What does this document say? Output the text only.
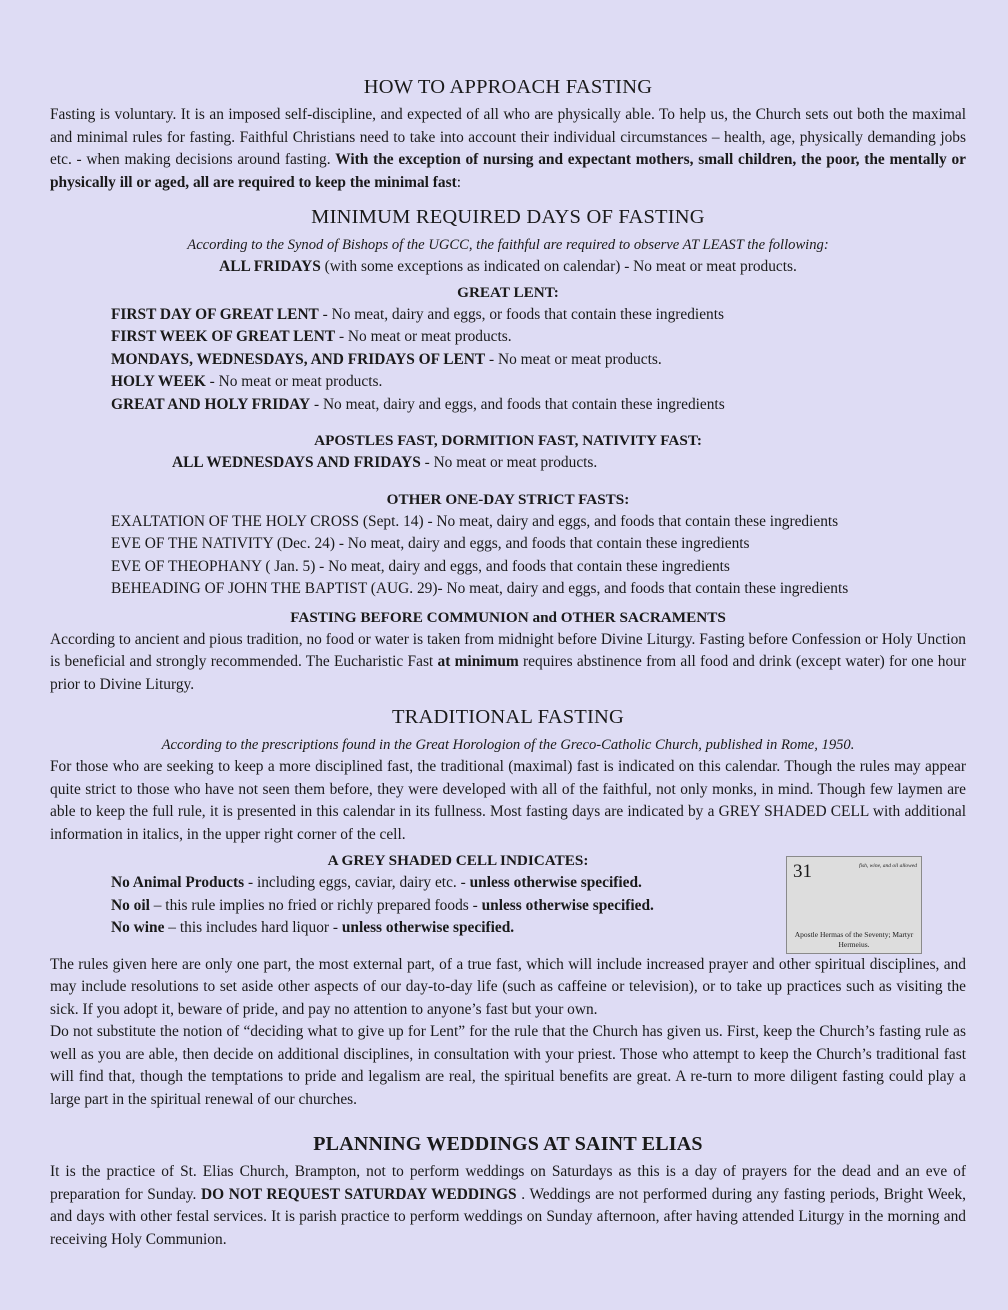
HOW TO APPROACH FASTING

Fasting is voluntary. It is an imposed self-discipline, and expected of all who are physically able. To help us, the Church sets out both the maximal and minimal rules for fasting. Faithful Christians need to take into account their individual circumstances – health, age, physically demanding jobs etc. - when making decisions around fasting. With the exception of nursing and expectant mothers, small children, the poor, the mentally or physically ill or aged, all are required to keep the minimal fast:

MINIMUM REQUIRED DAYS OF FASTING

According to the Synod of Bishops of the UGCC, the faithful are required to observe AT LEAST the following:

ALL FRIDAYS (with some exceptions as indicated on calendar) - No meat or meat products.

GREAT LENT:

FIRST DAY OF GREAT LENT - No meat, dairy and eggs, or foods that contain these ingredients

FIRST WEEK OF GREAT LENT - No meat or meat products.

MONDAYS, WEDNESDAYS, AND FRIDAYS OF LENT - No meat or meat products.

HOLY WEEK - No meat or meat products.

GREAT AND HOLY FRIDAY - No meat, dairy and eggs, and foods that contain these ingredients

APOSTLES FAST, DORMITION FAST, NATIVITY FAST:

ALL WEDNESDAYS AND FRIDAYS - No meat or meat products.

OTHER ONE-DAY STRICT FASTS:

EXALTATION OF THE HOLY CROSS (Sept. 14) - No meat, dairy and eggs, and foods that contain these ingredients

EVE OF THE NATIVITY (Dec. 24) - No meat, dairy and eggs, and foods that contain these ingredients

EVE OF THEOPHANY ( Jan. 5) - No meat, dairy and eggs, and foods that contain these ingredients

BEHEADING OF JOHN THE BAPTIST (AUG. 29)- No meat, dairy and eggs, and foods that contain these ingredients

FASTING BEFORE COMMUNION and OTHER SACRAMENTS

According to ancient and pious tradition, no food or water is taken from midnight before Divine Liturgy. Fasting before Confession or Holy Unction is beneficial and strongly recommended. The Eucharistic Fast at minimum requires abstinence from all food and drink (except water) for one hour prior to Divine Liturgy.

TRADITIONAL FASTING

According to the prescriptions found in the Great Horologion of the Greco-Catholic Church, published in Rome, 1950.

For those who are seeking to keep a more disciplined fast, the traditional (maximal) fast is indicated on this calendar. Though the rules may appear quite strict to those who have not seen them before, they were developed with all of the faithful, not only monks, in mind. Though few laymen are able to keep the full rule, it is presented in this calendar in its fullness. Most fasting days are indicated by a GREY SHADED CELL with additional information in italics, in the upper right corner of the cell.

A GREY SHADED CELL INDICATES:

No Animal Products - including eggs, caviar, dairy etc. - unless otherwise specified.

No oil – this rule implies no fried or richly prepared foods - unless otherwise specified.

No wine – this includes hard liquor - unless otherwise specified.

31	fish, wine, and oil allowed
Apostle Hermas of the Seventy; Martyr Hermeius.

The rules given here are only one part, the most external part, of a true fast, which will include increased prayer and other spiritual disciplines, and may include resolutions to set aside other aspects of our day-to-day life (such as caffeine or television), or to take up practices such as visiting the sick. If you adopt it, beware of pride, and pay no attention to anyone’s fast but your own.

Do not substitute the notion of “deciding what to give up for Lent” for the rule that the Church has given us. First, keep the Church’s fasting rule as well as you are able, then decide on additional disciplines, in consultation with your priest. Those who attempt to keep the Church’s traditional fast will find that, though the temptations to pride and legalism are real, the spiritual benefits are great. A re-turn to more diligent fasting could play a large part in the spiritual renewal of our churches.

PLANNING WEDDINGS AT SAINT ELIAS

It is the practice of St. Elias Church, Brampton, not to perform weddings on Saturdays as this is a day of prayers for the dead and an eve of preparation for Sunday. DO NOT REQUEST SATURDAY WEDDINGS . Weddings are not performed during any fasting periods, Bright Week, and days with other festal services. It is parish practice to perform weddings on Sunday afternoon, after having attended Liturgy in the morning and receiving Holy Communion.
